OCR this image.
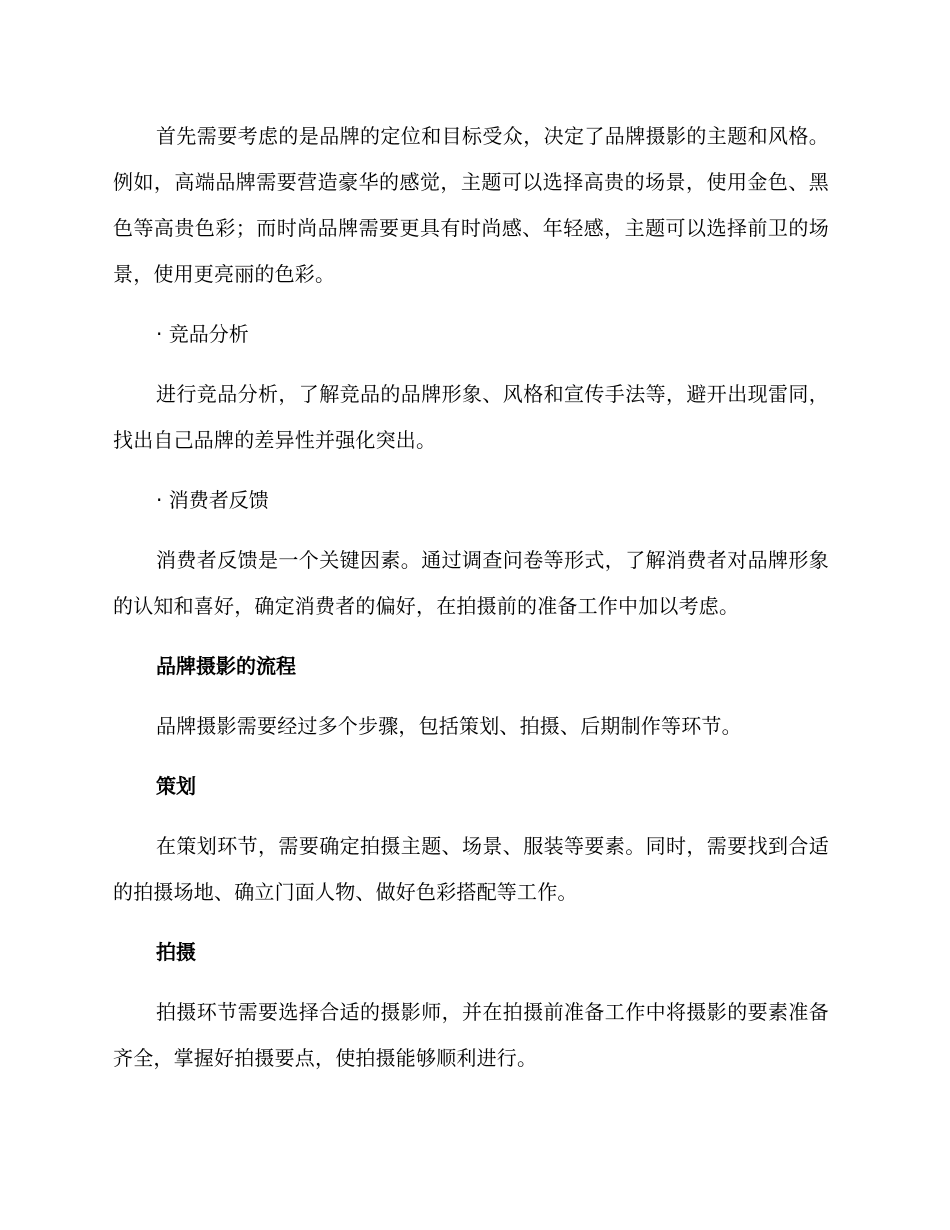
首先需要考虑的是品牌的定位和目标受众，决定了品牌摄影的主题和风格。例如，高端品牌需要营造豪华的感觉，主题可以选择高贵的场景，使用金色、黑色等高贵色彩；而时尚品牌需要更具有时尚感、年轻感，主题可以选择前卫的场景，使用更亮丽的色彩。

· 竞品分析

进行竞品分析，了解竞品的品牌形象、风格和宣传手法等，避开出现雷同，找出自己品牌的差异性并强化突出。

· 消费者反馈

消费者反馈是一个关键因素。通过调查问卷等形式，了解消费者对品牌形象的认知和喜好，确定消费者的偏好，在拍摄前的准备工作中加以考虑。

品牌摄影的流程

品牌摄影需要经过多个步骤，包括策划、拍摄、后期制作等环节。

策划

在策划环节，需要确定拍摄主题、场景、服装等要素。同时，需要找到合适的拍摄场地、确立门面人物、做好色彩搭配等工作。

拍摄

拍摄环节需要选择合适的摄影师，并在拍摄前准备工作中将摄影的要素准备齐全，掌握好拍摄要点，使拍摄能够顺利进行。
